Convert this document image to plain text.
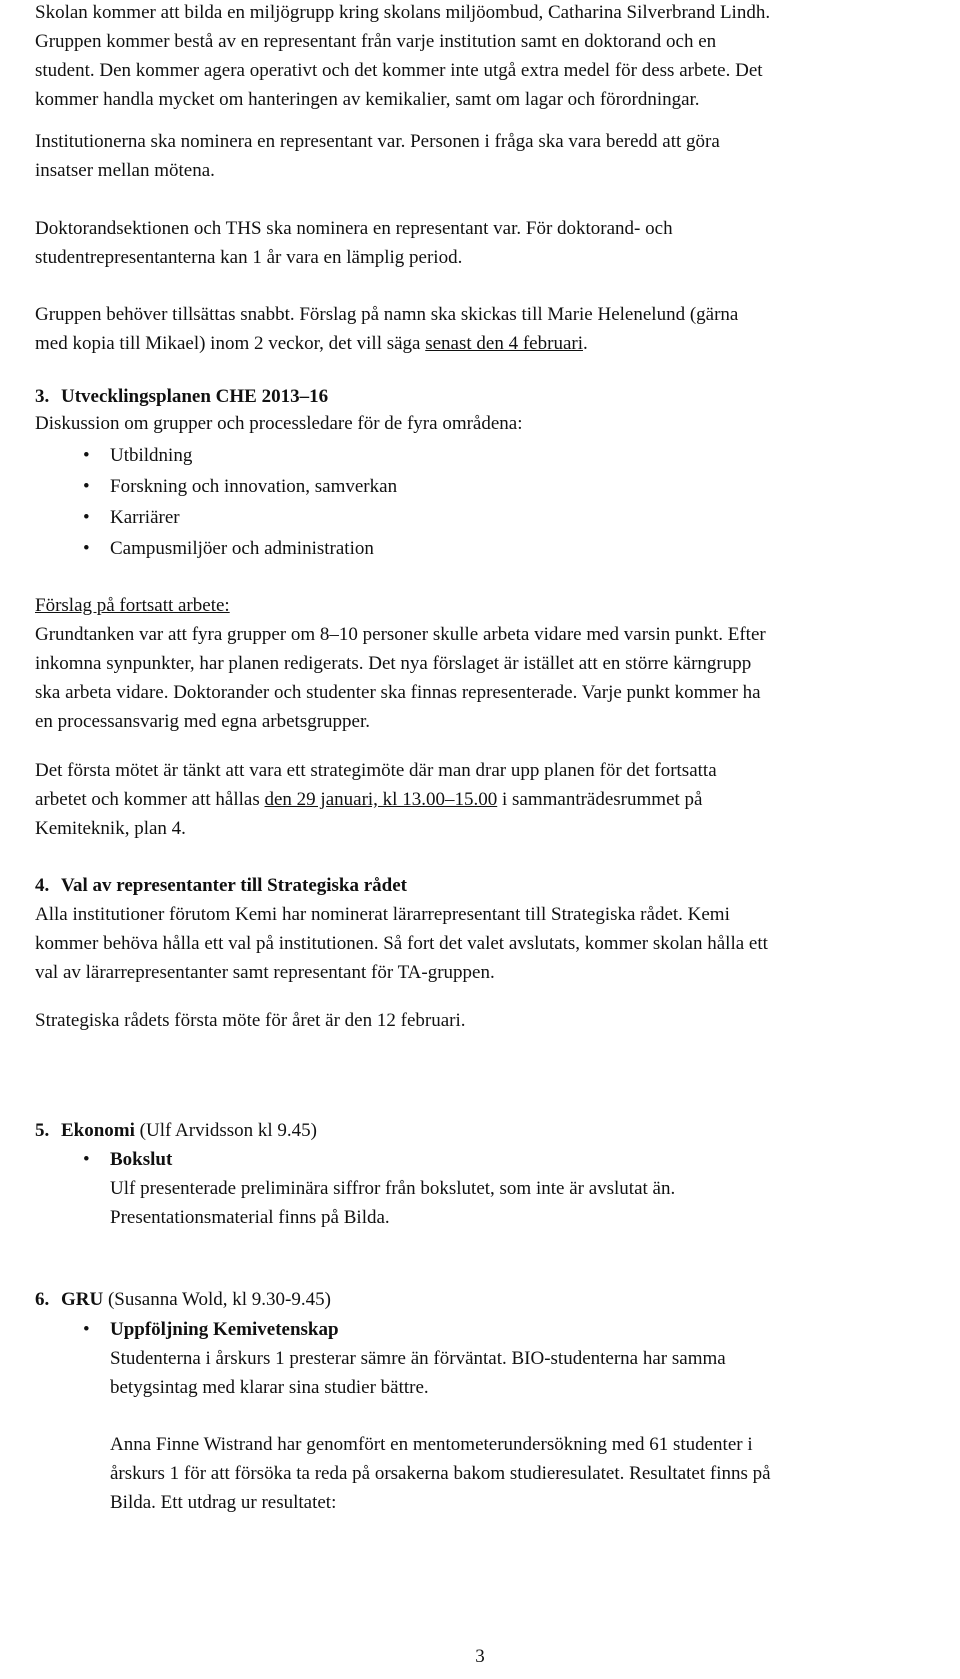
Skolan kommer att bilda en miljögrupp kring skolans miljöombud, Catharina Silverbrand Lindh.
Gruppen kommer bestå av en representant från varje institution samt en doktorand och en
student. Den kommer agera operativt och det kommer inte utgå extra medel för dess arbete. Det
kommer handla mycket om hanteringen av kemikalier, samt om lagar och förordningar.

Institutionerna ska nominera en representant var. Personen i fråga ska vara beredd att göra
insatser mellan mötena.

Doktorandsektionen och THS ska nominera en representant var. För doktorand- och
studentrepresentanterna kan 1 år vara en lämplig period.

Gruppen behöver tillsättas snabbt. Förslag på namn ska skickas till Marie Helenelund (gärna
med kopia till Mikael) inom 2 veckor, det vill säga senast den 4 februari.

3. Utvecklingsplanen CHE 2013–16

Diskussion om grupper och processledare för de fyra områdena:

• Utbildning
• Forskning och innovation, samverkan
• Karriärer
• Campusmiljöer och administration

Förslag på fortsatt arbete:
Grundtanken var att fyra grupper om 8–10 personer skulle arbeta vidare med varsin punkt. Efter
inkomna synpunkter, har planen redigerats. Det nya förslaget är istället att en större kärngrupp
ska arbeta vidare. Doktorander och studenter ska finnas representerade. Varje punkt kommer ha
en processansvarig med egna arbetsgrupper.

Det första mötet är tänkt att vara ett strategimöte där man drar upp planen för det fortsatta
arbetet och kommer att hållas den 29 januari, kl 13.00–15.00 i sammanträdesrummet på
Kemiteknik, plan 4.

4. Val av representanter till Strategiska rådet

Alla institutioner förutom Kemi har nominerat lärarrepresentant till Strategiska rådet. Kemi
kommer behöva hålla ett val på institutionen. Så fort det valet avslutats, kommer skolan hålla ett
val av lärarrepresentanter samt representant för TA-gruppen.

Strategiska rådets första möte för året är den 12 februari.

5. Ekonomi (Ulf Arvidsson kl 9.45)
• Bokslut
Ulf presenterade preliminära siffror från bokslutet, som inte är avslutat än.
Presentationsmaterial finns på Bilda.
6. GRU (Susanna Wold, kl 9.30-9.45)
• Uppföljning Kemivetenskap
Studenterna i årskurs 1 presterar sämre än förväntat. BIO-studenterna har samma
betygsintag med klarar sina studier bättre.
Anna Finne Wistrand har genomfört en mentometerundersökning med 61 studenter i
årskurs 1 för att försöka ta reda på orsakerna bakom studieresulatet. Resultatet finns på
Bilda. Ett utdrag ur resultatet:
3
